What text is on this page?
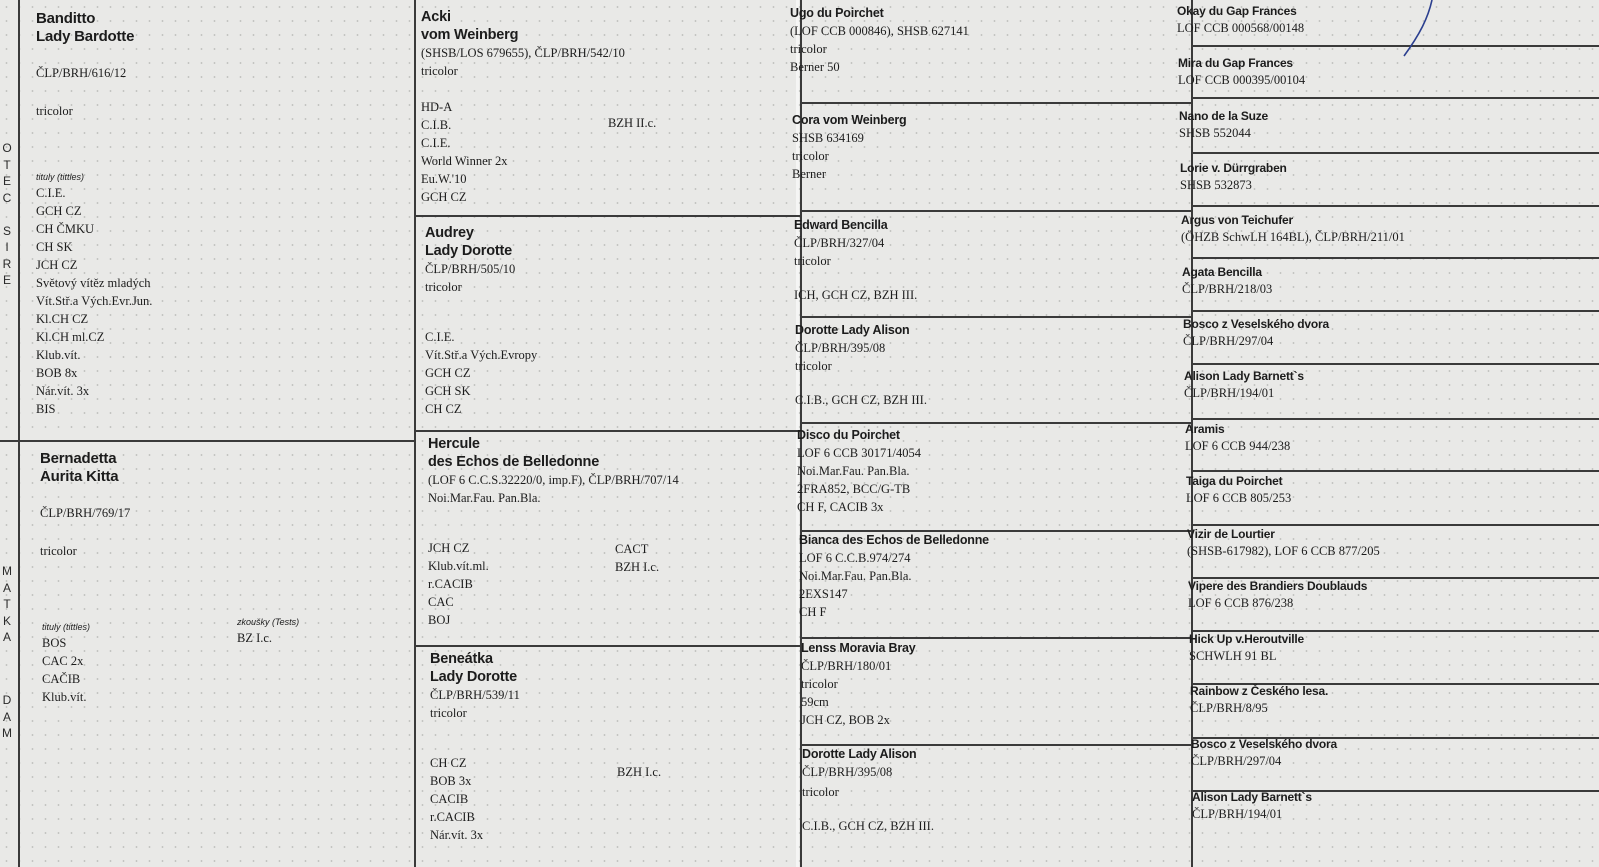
O
T
E
C
S
I
R
E
M
A
T
K
A
D
A
M
Banditto
Lady Bardotte
ČLP/BRH/616/12
tricolor
tituly (tittles)
C.I.E.
GCH CZ
CH ČMKU
CH SK
JCH CZ
Světový vítěz mladých
Vít.Stř.a Vých.Evr.Jun.
Kl.CH CZ
Kl.CH ml.CZ
Klub.vít.
BOB 8x
Nár.vít. 3x
BIS
Bernadetta
Aurita Kitta
ČLP/BRH/769/17
tricolor
tituly (tittles)
BOS
CAC 2x
CAČIB
Klub.vít.
zkoušky (Tests)
BZ I.c.
Acki
vom Weinberg
(SHSB/LOS 679655), ČLP/BRH/542/10
tricolor
HD-A
C.I.B.
C.I.E.
World Winner 2x
Eu.W.'10
GCH CZ
BZH II.c.
Audrey
Lady Dorotte
ČLP/BRH/505/10
tricolor
C.I.E.
Vít.Stř.a Vých.Evropy
GCH CZ
GCH SK
CH CZ
Hercule
des Echos de Belledonne
(LOF 6 C.C.S.32220/0, imp.F), ČLP/BRH/707/14
Noi.Mar.Fau. Pan.Bla.
JCH CZ
Klub.vít.ml.
r.CACIB
CAC
BOJ
CACT
BZH I.c.
Beneátka
Lady Dorotte
ČLP/BRH/539/11
tricolor
CH CZ
BOB 3x
CACIB
r.CACIB
Nár.vít. 3x
BZH I.c.
Ugo du Poirchet
(LOF CCB 000846), SHSB 627141
tricolor
Berner 50
Cora vom Weinberg
SHSB 634169
tricolor
Berner
Edward Bencilla
ČLP/BRH/327/04
tricolor
ICH, GCH CZ, BZH III.
Dorotte Lady Alison
ČLP/BRH/395/08
tricolor
C.I.B., GCH CZ, BZH III.
Disco du Poirchet
LOF 6 CCB 30171/4054
Noi.Mar.Fau. Pan.Bla.
2FRA852, BCC/G-TB
CH F, CACIB 3x
Bianca des Echos de Belledonne
LOF 6 C.C.B.974/274
Noi.Mar.Fau. Pan.Bla.
2EXS147
CH F
Lenss Moravia Bray
ČLP/BRH/180/01
tricolor
59cm
JCH CZ, BOB 2x
Dorotte Lady Alison
ČLP/BRH/395/08
tricolor
C.I.B., GCH CZ, BZH III.
Okay du Gap Frances
LOF CCB 000568/00148
Mira du Gap Frances
LOF CCB 000395/00104
Nano de la Suze
SHSB 552044
Lorie v. Dürrgraben
SHSB 532873
Argus von Teichufer
(ÖHZB SchwLH 164BL), ČLP/BRH/211/01
Agata Bencilla
ČLP/BRH/218/03
Bosco z Veselského dvora
ČLP/BRH/297/04
Alison Lady Barnett`s
ČLP/BRH/194/01
Aramis
LOF 6 CCB 944/238
Taiga du Poirchet
LOF 6 CCB 805/253
Vizir de Lourtier
(SHSB-617982), LOF 6 CCB 877/205
Vipere des Brandiers Doublauds
LOF 6 CCB 876/238
Hick Up v.Heroutville
SCHWLH 91 BL
Rainbow z Českého lesa.
ČLP/BRH/8/95
Bosco z Veselského dvora
ČLP/BRH/297/04
Alison Lady Barnett`s
ČLP/BRH/194/01
